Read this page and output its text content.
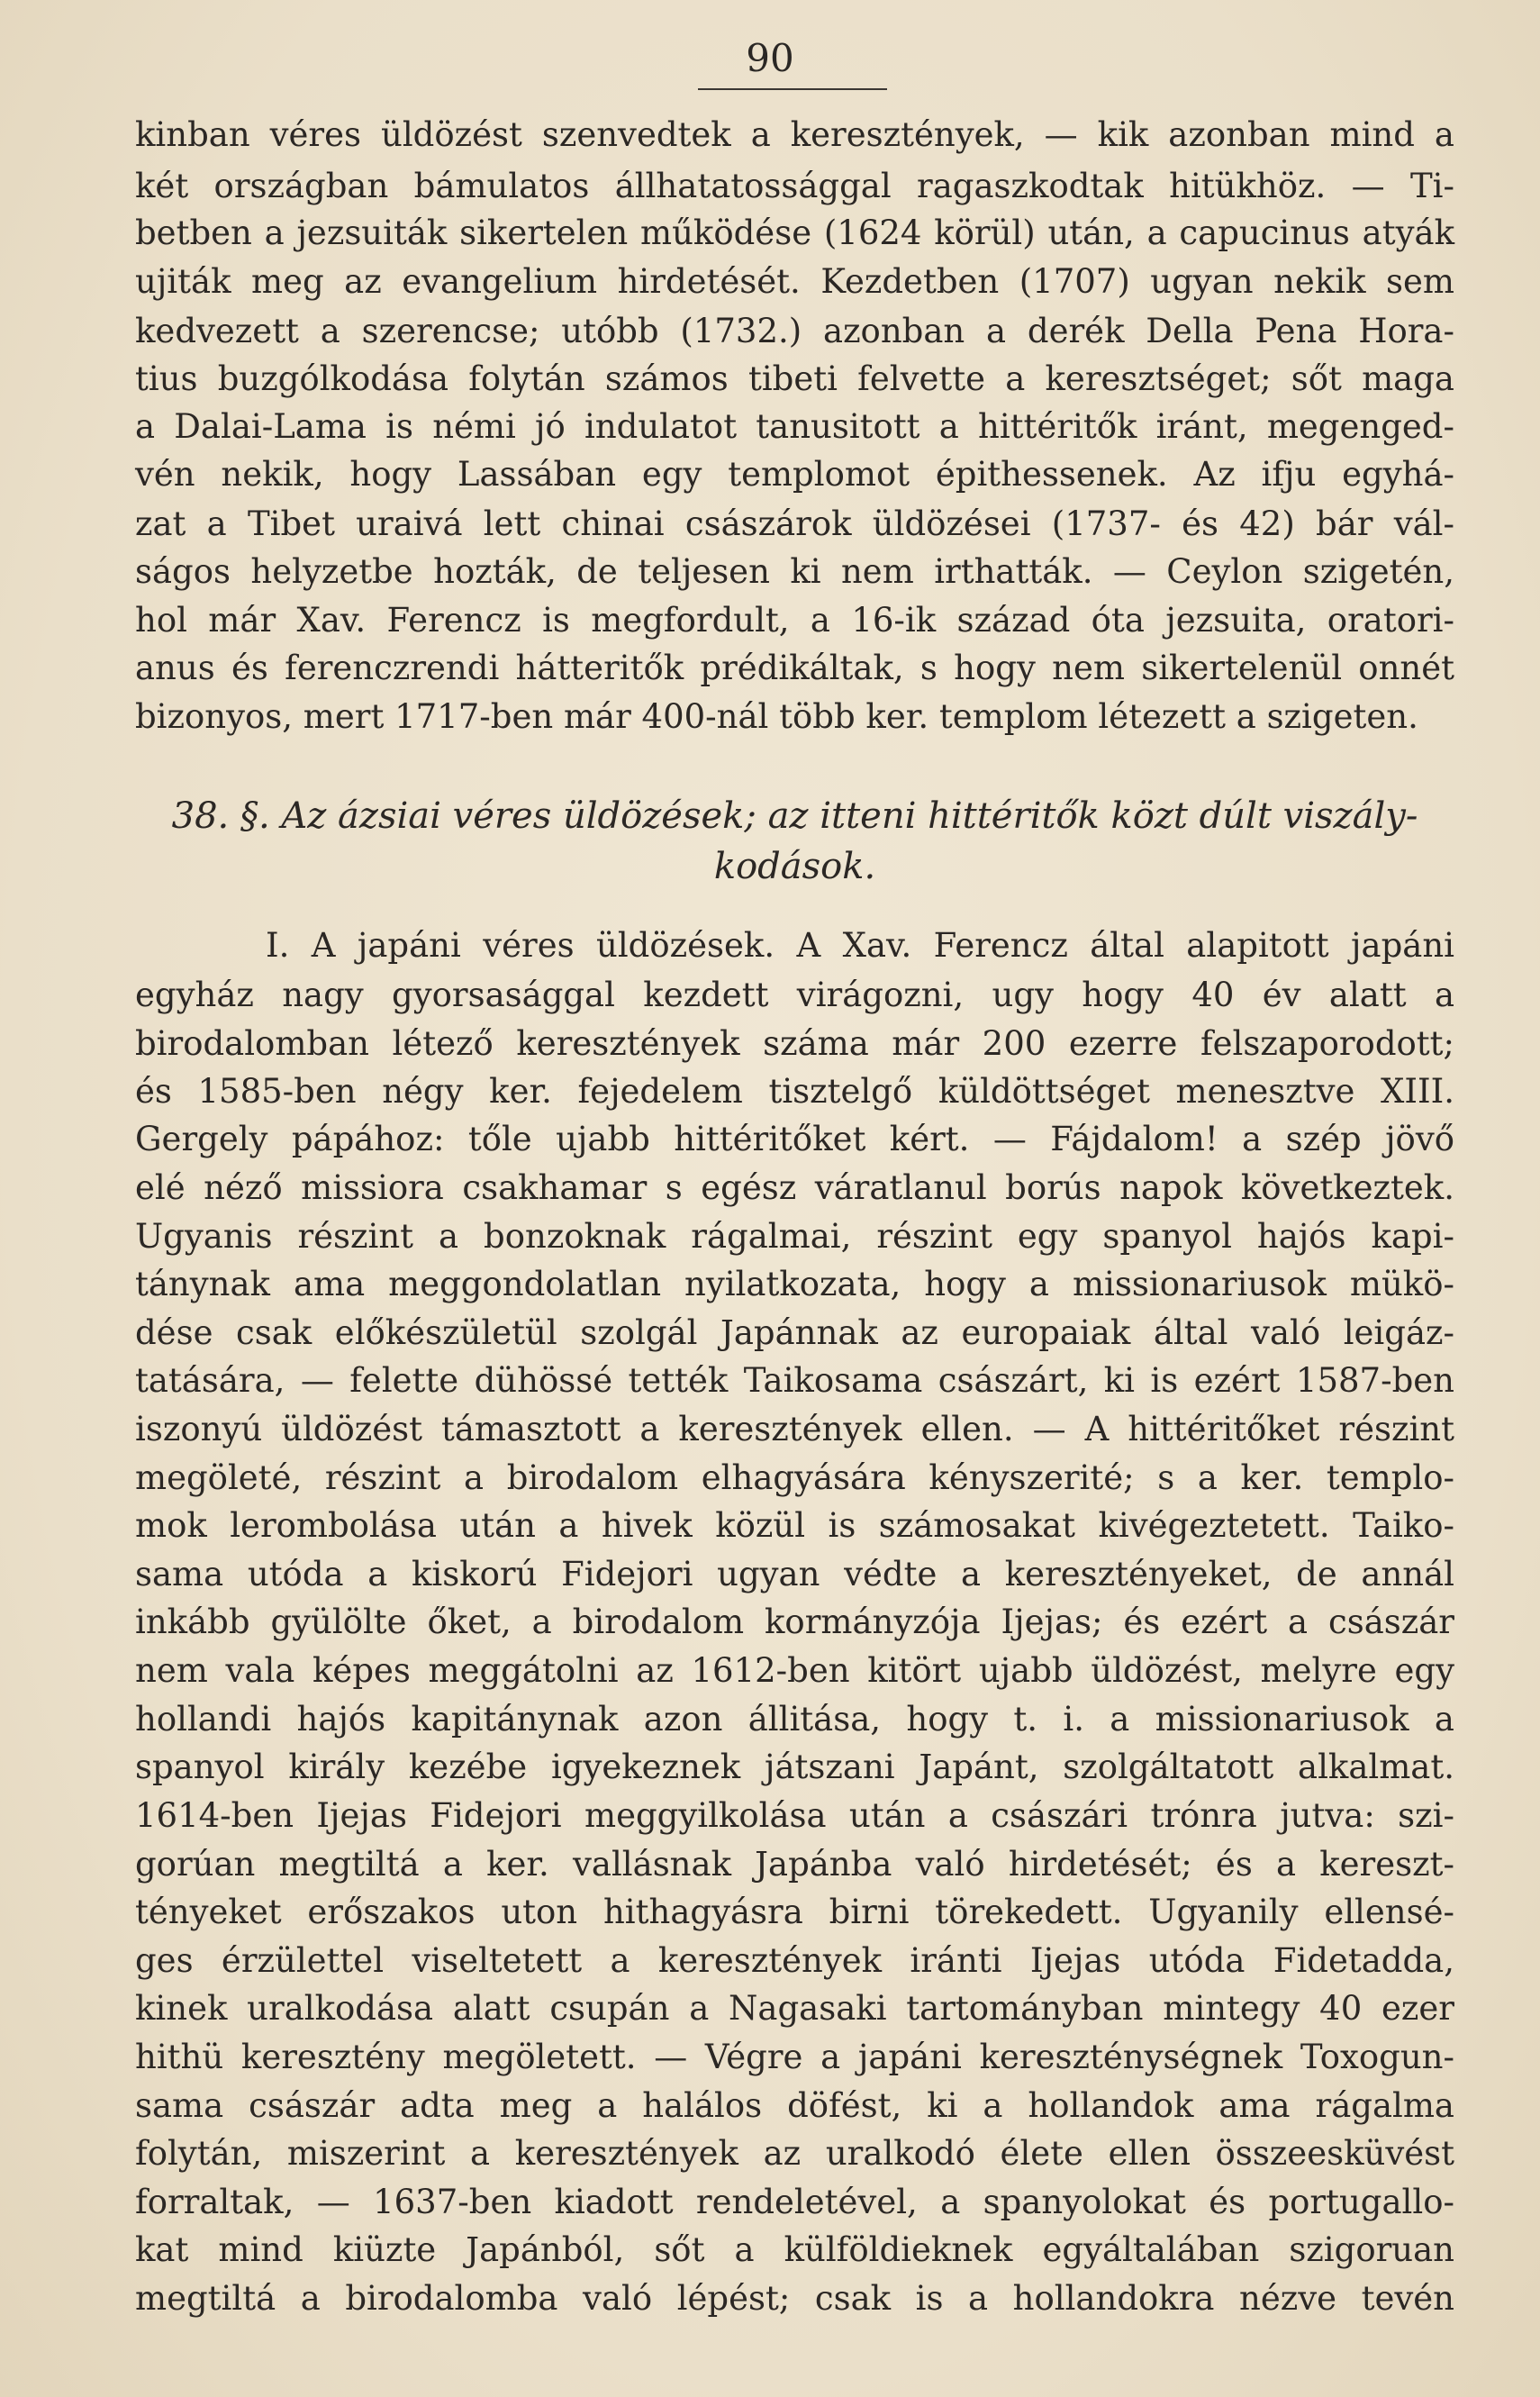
90
kinban véres üldözést szenvedtek a keresztények, — kik azonban mind a
két országban bámulatos állhatatossággal ragaszkodtak hitükhöz. — Ti-
betben a jezsuiták sikertelen működése (1624 körül) után, a capucinus atyák
ujiták meg az evangelium hirdetését. Kezdetben (1707) ugyan nekik sem
kedvezett a szerencse; utóbb (1732.) azonban a derék Della Pena Hora-
tius buzgólkodása folytán számos tibeti felvette a keresztséget; sőt maga
a Dalai-Lama is némi jó indulatot tanusitott a hittéritők iránt, megenged-
vén nekik, hogy Lassában egy templomot épithessenek. Az ifju egyhá-
zat a Tibet uraivá lett chinai császárok üldözései (1737- és 42) bár vál-
ságos helyzetbe hozták, de teljesen ki nem irthatták. — Ceylon szigetén,
hol már Xav. Ferencz is megfordult, a 16-ik század óta jezsuita, oratori-
anus és ferenczrendi hátteritők prédikáltak, s hogy nem sikertelenül onnét
bizonyos, mert 1717-ben már 400-nál több ker. templom létezett a szigeten.
38. §. Az ázsiai véres üldözések; az itteni hittéritők közt dúlt viszály-
kodások.
I. A japáni véres üldözések. A Xav. Ferencz által alapitott japáni
egyház nagy gyorsasággal kezdett virágozni, ugy hogy 40 év alatt a
birodalomban létező keresztények száma már 200 ezerre felszaporodott;
és 1585-ben négy ker. fejedelem tisztelgő küldöttséget menesztve XIII.
Gergely pápához: tőle ujabb hittéritőket kért. — Fájdalom! a szép jövő
elé néző missiora csakhamar s egész váratlanul borús napok következtek.
Ugyanis részint a bonzoknak rágalmai, részint egy spanyol hajós kapi-
tánynak ama meggondolatlan nyilatkozata, hogy a missionariusok mükö-
dése csak előkészületül szolgál Japánnak az europaiak által való leigáz-
tatására, — felette dühössé tették Taikosama császárt, ki is ezért 1587-ben
iszonyú üldözést támasztott a keresztények ellen. — A hittéritőket részint
megöleté, részint a birodalom elhagyására kényszerité; s a ker. templo-
mok lerombolása után a hivek közül is számosakat kivégeztetett. Taiko-
sama utóda a kiskorú Fidejori ugyan védte a keresztényeket, de annál
inkább gyülölte őket, a birodalom kormányzója Ijejas; és ezért a császár
nem vala képes meggátolni az 1612-ben kitört ujabb üldözést, melyre egy
hollandi hajós kapitánynak azon állitása, hogy t. i. a missionariusok a
spanyol király kezébe igyekeznek játszani Japánt, szolgáltatott alkalmat.
1614-ben Ijejas Fidejori meggyilkolása után a császári trónra jutva: szi-
gorúan megtiltá a ker. vallásnak Japánba való hirdetését; és a kereszt-
tényeket erőszakos uton hithagyásra birni törekedett. Ugyanily ellensé-
ges érzülettel viseltetett a keresztények iránti Ijejas utóda Fidetadda,
kinek uralkodása alatt csupán a Nagasaki tartományban mintegy 40 ezer
hithü keresztény megöletett. — Végre a japáni kereszténységnek Toxogun-
sama császár adta meg a halálos döfést, ki a hollandok ama rágalma
folytán, miszerint a keresztények az uralkodó élete ellen összeesküvést
forraltak, — 1637-ben kiadott rendeletével, a spanyolokat és portugallo-
kat mind kiüzte Japánból, sőt a külföldieknek egyáltalában szigoruan
megtiltá a birodalomba való lépést; csak is a hollandokra nézve tevén
